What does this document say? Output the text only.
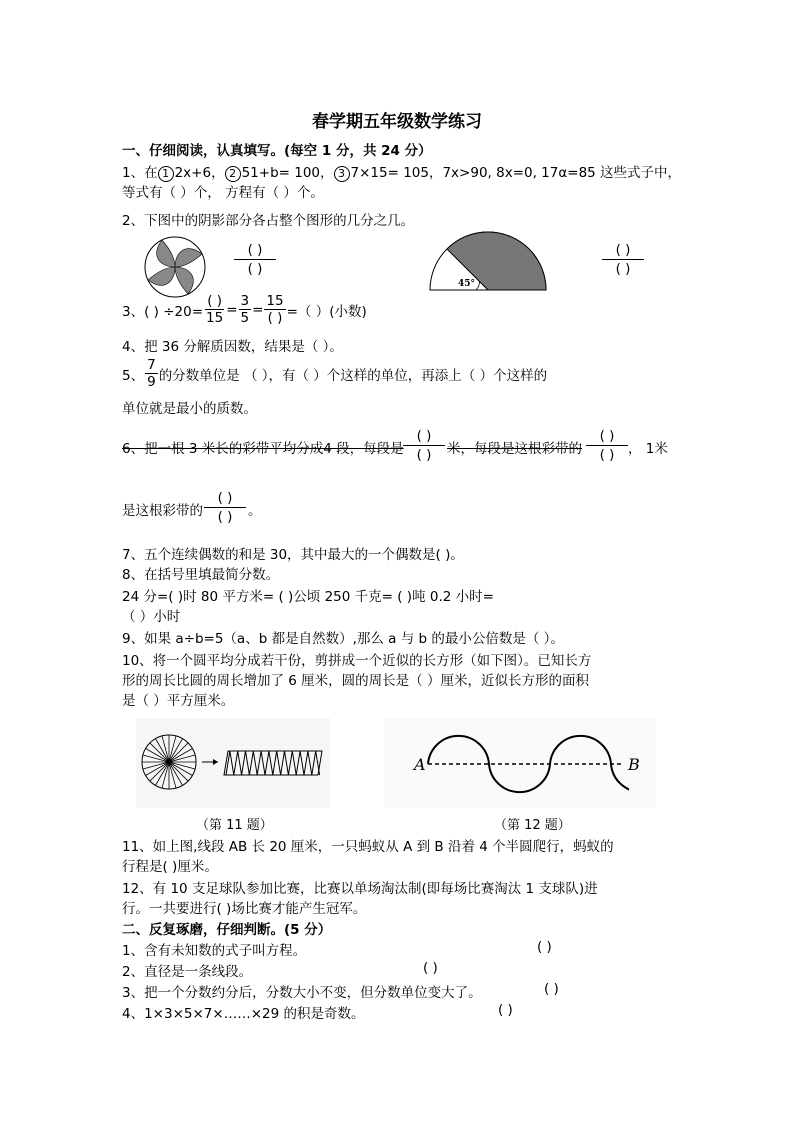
春学期五年级数学练习
一、仔细阅读，认真填写。(每空 1 分，共 24 分）
1、在 1 2x+6， 2 51+b= 100， 3 7×15= 105，7x>90, 8x=0, 17α=85 这些式子中，
等式有（ ）个， 方程有（ ）个。
2、下图中的阴影部分各占整个图形的几分之几。
( )
( )
45°
( )
( )
3、( ) $\div 20= \frac{( )}{15} = \frac{3}{5} = \frac{15}{( )}$ =（ ）(小数)
4、把 36 分解质因数，结果是（ ）。
5、 $\frac{7}{9}$ 的分数单位是 （ ），有（ ）个这样的单位，再添上（ ）个这样的
单位就是最小的质数。
6、把一根 3 米长的彩带平均分成4 段，每段是
( )
( )	米，每段是这根彩带的
( )
( )	， 1米
是这根彩带的
( )
( )	。
7、五个连续偶数的和是 30，其中最大的一个偶数是( )。
8、在括号里填最简分数。
24 分=( )时 80 平方米= ( )公顷 250 千克= ( )吨 0.2 小时=
（ ）小时
9、如果 a÷b=5（a、b 都是自然数）,那么 a 与 b 的最小公倍数是（ ）。
10、将一个圆平均分成若干份，剪拼成一个近似的长方形（如下图）。已知长方
形的周长比圆的周长增加了 6 厘米，圆的周长是（ ）厘米，近似长方形的面积
是（ ）平方厘米。
A	B
（第 11 题）	（第 12 题）
11、如上图,线段 AB 长 20 厘米，一只蚂蚁从 A 到 B 沿着 4 个半圆爬行，蚂蚁的
行程是( )厘米。
12、有 10 支足球队参加比赛，比赛以单场淘汰制(即每场比赛淘汰 1 支球队)进
行。一共要进行( )场比赛才能产生冠军。
二、反复琢磨，仔细判断。(5 分）
1、含有未知数的式子叫方程。	( )
2、直径是一条线段。	( )
3、把一个分数约分后，分数大小不变，但分数单位变大了。	( )
4、1×3×5×7×……×29 的积是奇数。	( )
